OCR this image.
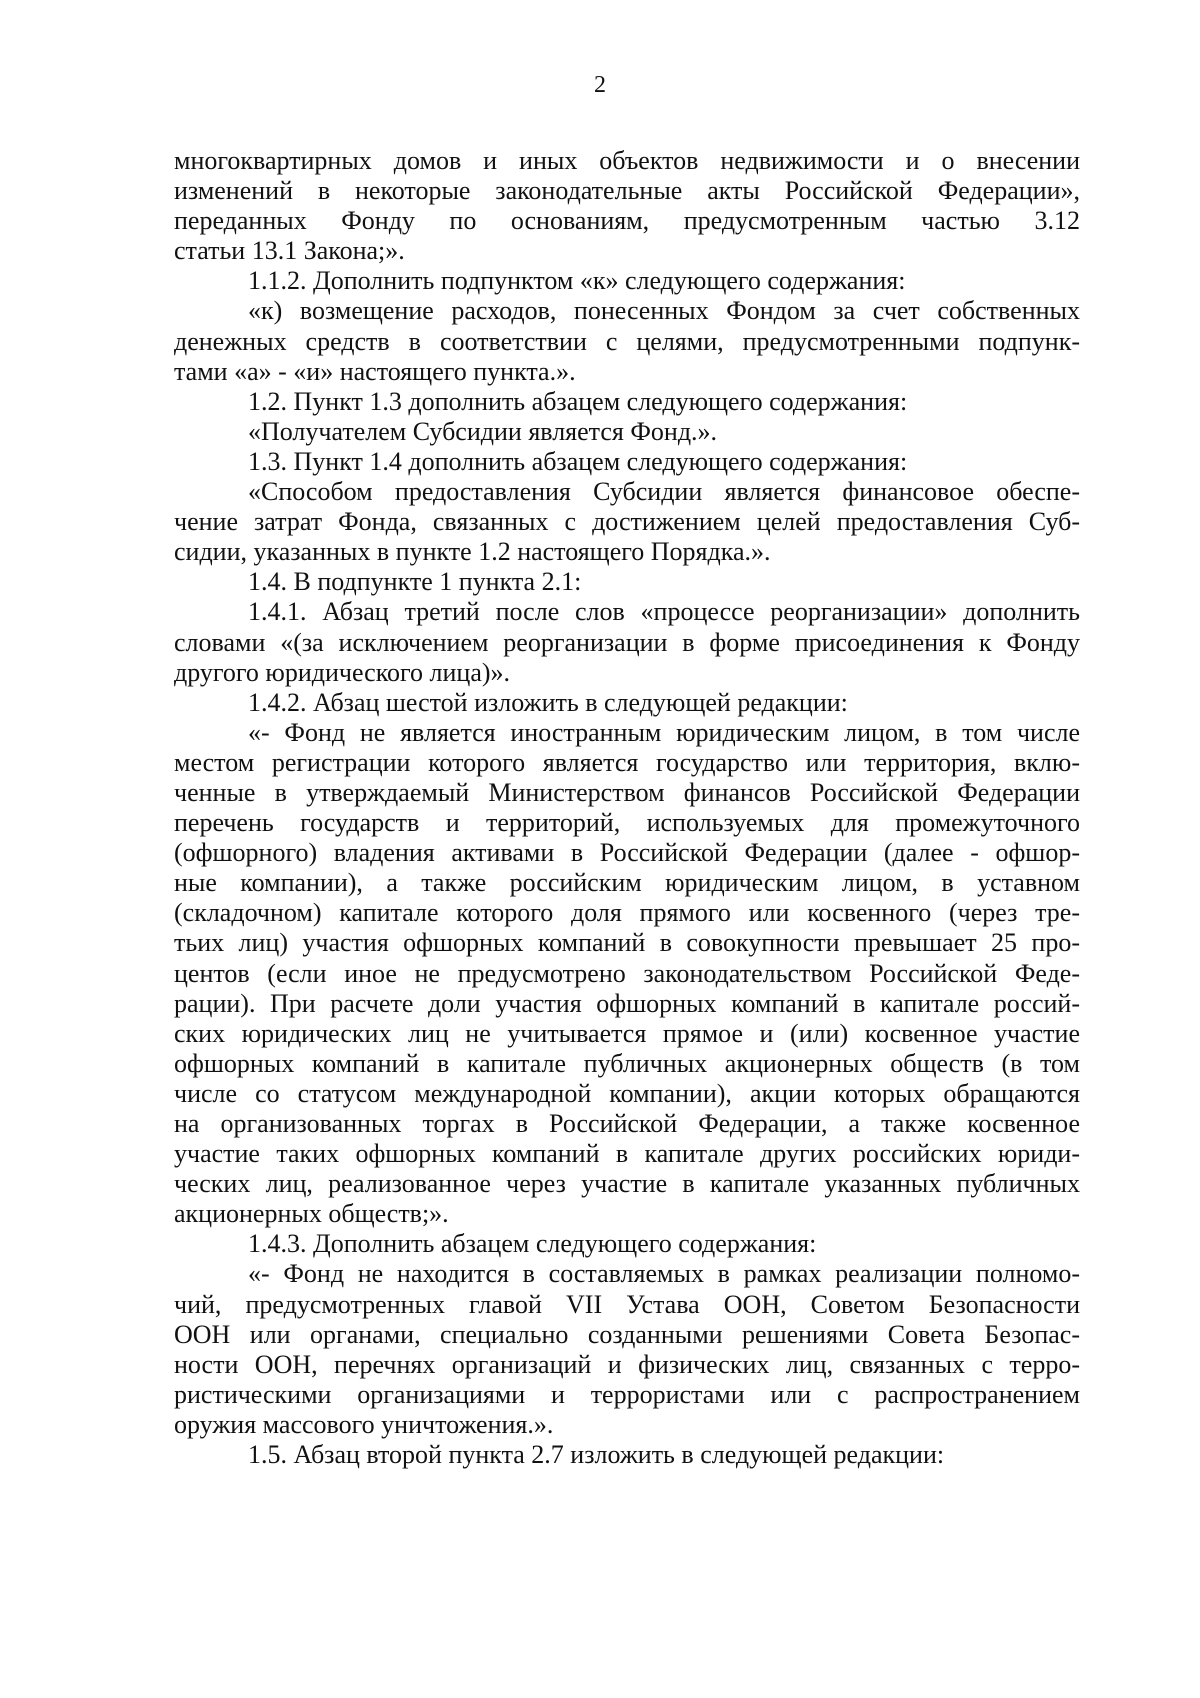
2
многоквартирных домов и иных объектов недвижимости и о внесении
изменений в некоторые законодательные акты Российской Федерации»,
переданных Фонду по основаниям, предусмотренным частью 3.12
статьи 13.1 Закона;».
1.1.2. Дополнить подпунктом «к» следующего содержания:
«к) возмещение расходов, понесенных Фондом за счет собственных
денежных средств в соответствии с целями, предусмотренными подпунк-
тами «а» - «и» настоящего пункта.».
1.2. Пункт 1.3 дополнить абзацем следующего содержания:
«Получателем Субсидии является Фонд.».
1.3. Пункт 1.4 дополнить абзацем следующего содержания:
«Способом предоставления Субсидии является финансовое обеспе-
чение затрат Фонда, связанных с достижением целей предоставления Суб-
сидии, указанных в пункте 1.2 настоящего Порядка.».
1.4. В подпункте 1 пункта 2.1:
1.4.1. Абзац третий после слов «процессе реорганизации» дополнить
словами «(за исключением реорганизации в форме присоединения к Фонду
другого юридического лица)».
1.4.2. Абзац шестой изложить в следующей редакции:
«- Фонд не является иностранным юридическим лицом, в том числе
местом регистрации которого является государство или территория, вклю-
ченные в утверждаемый Министерством финансов Российской Федерации
перечень государств и территорий, используемых для промежуточного
(офшорного) владения активами в Российской Федерации (далее - офшор-
ные компании), а также российским юридическим лицом, в уставном
(складочном) капитале которого доля прямого или косвенного (через тре-
тьих лиц) участия офшорных компаний в совокупности превышает 25 про-
центов (если иное не предусмотрено законодательством Российской Феде-
рации). При расчете доли участия офшорных компаний в капитале россий-
ских юридических лиц не учитывается прямое и (или) косвенное участие
офшорных компаний в капитале публичных акционерных обществ (в том
числе со статусом международной компании), акции которых обращаются
на организованных торгах в Российской Федерации, а также косвенное
участие таких офшорных компаний в капитале других российских юриди-
ческих лиц, реализованное через участие в капитале указанных публичных
акционерных обществ;».
1.4.3. Дополнить абзацем следующего содержания:
«- Фонд не находится в составляемых в рамках реализации полномо-
чий, предусмотренных главой VII Устава ООН, Советом Безопасности
ООН или органами, специально созданными решениями Совета Безопас-
ности ООН, перечнях организаций и физических лиц, связанных с терро-
ристическими организациями и террористами или с распространением
оружия массового уничтожения.».
1.5. Абзац второй пункта 2.7 изложить в следующей редакции:
